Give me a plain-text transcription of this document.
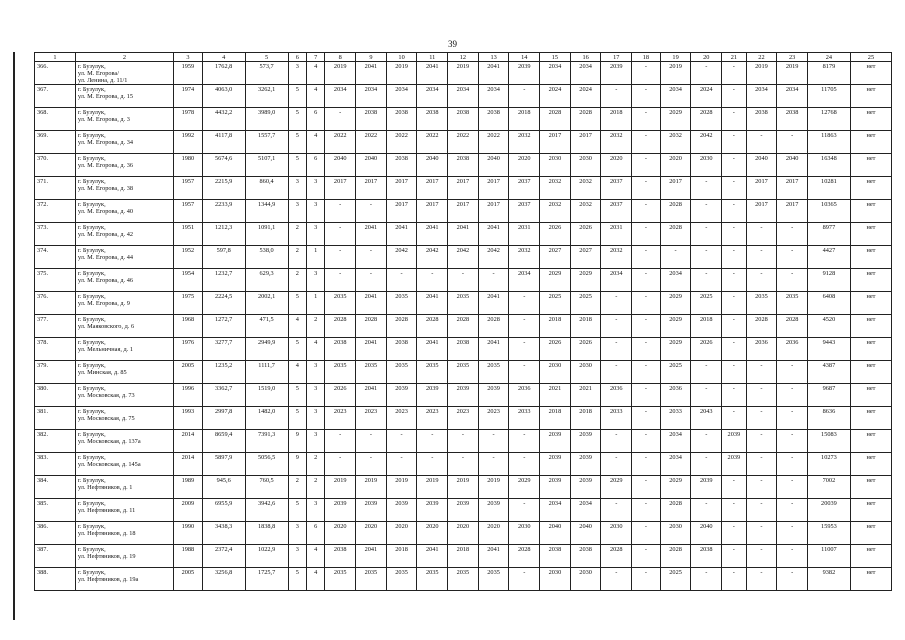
39
1	2	3	4	5	6	7	8	9	10	11	12	13	14	15	16	17	18	19	20	21	22	23	24	25
366.	г. Бузулук,
ул. М. Егорова/
ул. Ленина, д. 11/1	1959	1762,8	573,7	3	4	2019	2041	2019	2041	2019	2041	2039	2034	2034	2039	-	2019	-	-	2019	2019	8179	нет
367.	г. Бузулук,
ул. М. Егорова, д. 15	1974	4063,0	3262,1	5	4	2034	2034	2034	2034	2034	2034	-	2024	2024	-	-	2034	2024	-	2034	2034	11705	нет
368.	г. Бузулук,
ул. М. Егорова, д. 3	1978	4432,2	3989,0	5	6	-	2038	2038	2038	2038	2038	2018	2028	2028	2018	-	2029	2028	-	2038	2038	12768	нет
369.	г. Бузулук,
ул. М. Егорова, д. 34	1992	4117,8	1557,7	5	4	2022	2022	2022	2022	2022	2022	2032	2017	2017	2032	-	2032	2042	-	-	-	11863	нет
370.	г. Бузулук,
ул. М. Егорова, д. 36	1980	5674,6	5107,1	5	6	2040	2040	2038	2040	2038	2040	2020	2030	2030	2020	-	2020	2030	-	2040	2040	16348	нет
371.	г. Бузулук,
ул. М. Егорова, д. 38	1957	2215,9	860,4	3	3	2017	2017	2017	2017	2017	2017	2037	2032	2032	2037	-	2017	-	-	2017	2017	10281	нет
372.	г. Бузулук,
ул. М. Егорова, д. 40	1957	2233,9	1344,9	3	3	-	-	2017	2017	2017	2017	2037	2032	2032	2037	-	2028	-	-	2017	2017	10365	нет
373.	г. Бузулук,
ул. М. Егорова, д. 42	1951	1212,3	1091,1	2	3	-	2041	2041	2041	2041	2041	2031	2026	2026	2031	-	2028	-	-	-	-	8977	нет
374.	г. Бузулук,
ул. М. Егорова, д. 44	1952	597,8	538,0	2	1	-	-	2042	2042	2042	2042	2032	2027	2027	2032	-	-	-	-	-	-	4427	нет
375.	г. Бузулук,
ул. М. Егорова, д. 46	1954	1232,7	629,3	2	3	-	-	-	-	-	-	2034	2029	2029	2034	-	2034	-	-	-	-	9128	нет
376.	г. Бузулук,
ул. М. Егорова, д. 9	1975	2224,5	2002,1	5	1	2035	2041	2035	2041	2035	2041	-	2025	2025	-	-	2029	2025	-	2035	2035	6408	нет
377.	г. Бузулук,
ул. Маяковского, д. 6	1968	1272,7	471,5	4	2	2028	2028	2028	2028	2028	2028	-	2018	2018	-	-	2029	2018	-	2028	2028	4520	нет
378.	г. Бузулук,
ул. Мельничная, д. 1	1976	3277,7	2949,9	5	4	2038	2041	2038	2041	2038	2041	-	2026	2026	-	-	2029	2026	-	2036	2036	9443	нет
379.	г. Бузулук,
ул. Минская, д. 85	2005	1235,2	1111,7	4	3	2035	2035	2035	2035	2035	2035	-	2030	2030	-	-	2025	-	-	-	-	4387	нет
380.	г. Бузулук,
ул. Московская, д. 73	1996	3362,7	1519,0	5	3	2026	2041	2039	2039	2039	2039	2036	2021	2021	2036	-	2036	-	-	-	-	9687	нет
381.	г. Бузулук,
ул. Московская, д. 75	1993	2997,8	1482,0	5	3	2023	2023	2023	2023	2023	2023	2033	2018	2018	2033	-	2033	2043	-	-	-	8636	нет
382.	г. Бузулук,
ул. Московская, д. 137а	2014	8659,4	7391,3	9	3	-	-	-	-	-	-	-	2039	2039	-	-	2034	-	2039	-	-	15083	нет
383.	г. Бузулук,
ул. Московская, д. 145а	2014	5897,9	5056,5	9	2	-	-	-	-	-	-	-	2039	2039	-	-	2034	-	2039	-	-	10273	нет
384.	г. Бузулук,
ул. Нефтяников, д. 1	1989	945,6	760,5	2	2	2019	2019	2019	2019	2019	2019	2029	2039	2039	2029	-	2029	2039	-	-	-	7002	нет
385.	г. Бузулук,
ул. Нефтяников, д. 11	2009	6955,9	3942,6	5	3	2039	2039	2039	2039	2039	2039	-	2034	2034	-	-	2028	-	-	-	-	20039	нет
386.	г. Бузулук,
ул. Нефтяников, д. 18	1990	3438,3	1838,8	3	6	2020	2020	2020	2020	2020	2020	2030	2040	2040	2030	-	2030	2040	-	-	-	15953	нет
387.	г. Бузулук,
ул. Нефтяников, д. 19	1988	2372,4	1022,9	3	4	2038	2041	2018	2041	2018	2041	2028	2038	2038	2028	-	2028	2038	-	-	-	11007	нет
388.	г. Бузулук,
ул. Нефтяников, д. 19а	2005	3256,8	1725,7	5	4	2035	2035	2035	2035	2035	2035	-	2030	2030	-	-	2025	-	-	-	-	9382	нет
